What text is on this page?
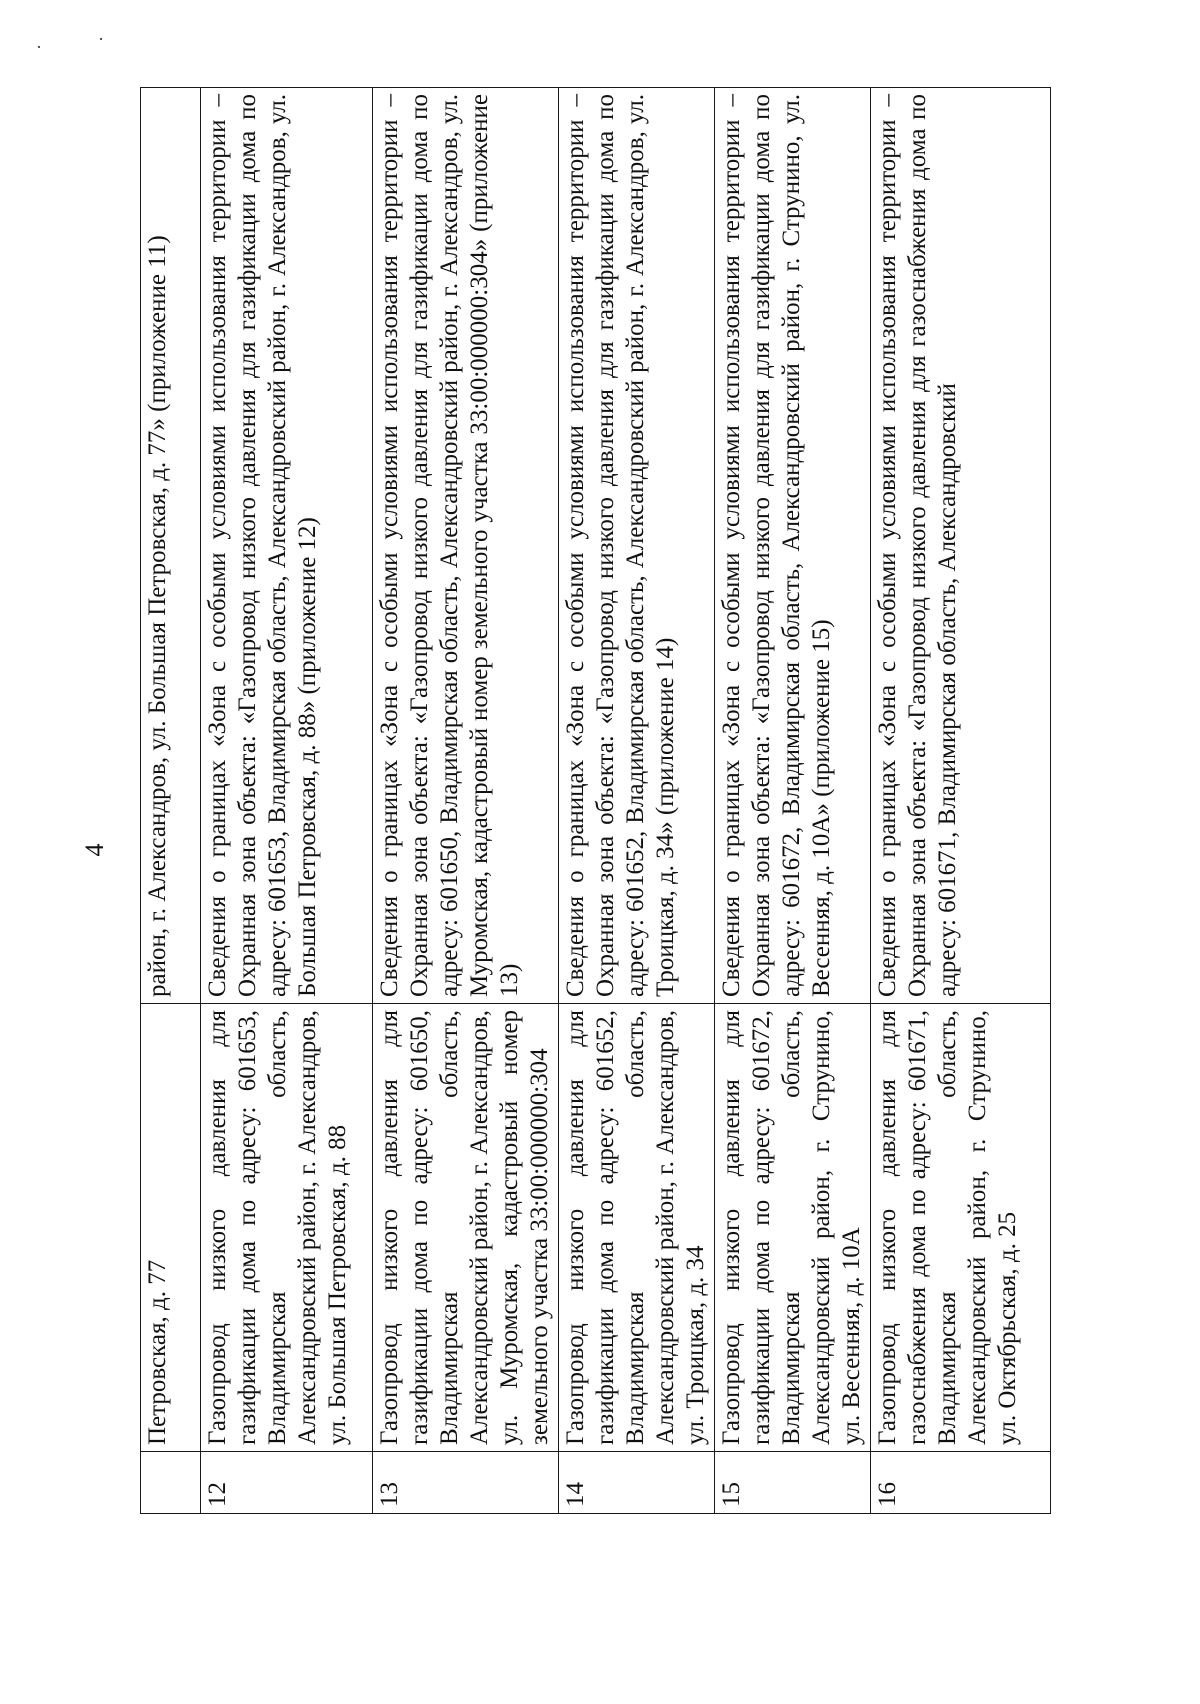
4
	Петровская, д. 77	район, г. Александров, ул. Большая Петровская, д. 77» (приложение 11)
12	Газопровод низкого давления для газификации дома по адресу: 601653, Владимирская область, Александровский район, г. Александров, ул. Большая Петровская, д. 88	Сведения о границах «Зона с особыми условиями использования территории – Охранная зона объекта: «Газопровод низкого давления для газификации дома по адресу: 601653, Владимирская область, Александровский район, г. Александров, ул. Большая Петровская, д. 88» (приложение 12)
13	Газопровод низкого давления для газификации дома по адресу: 601650, Владимирская область, Александровский район, г. Александров, ул. Муромская, кадастровый номер земельного участка 33:00:000000:304	Сведения о границах «Зона с особыми условиями использования территории – Охранная зона объекта: «Газопровод низкого давления для газификации дома по адресу: 601650, Владимирская область, Александровский район, г. Александров, ул. Муромская, кадастровый номер земельного участка 33:00:000000:304» (приложение 13)
14	Газопровод низкого давления для газификации дома по адресу: 601652, Владимирская область, Александровский район, г. Александров, ул. Троицкая, д. 34	Сведения о границах «Зона с особыми условиями использования территории – Охранная зона объекта: «Газопровод низкого давления для газификации дома по адресу: 601652, Владимирская область, Александровский район, г. Александров, ул. Троицкая, д. 34» (приложение 14)
15	Газопровод низкого давления для газификации дома по адресу: 601672, Владимирская область, Александровский район, г. Струнино, ул. Весенняя, д. 10А	Сведения о границах «Зона с особыми условиями использования территории – Охранная зона объекта: «Газопровод низкого давления для газификации дома по адресу: 601672, Владимирская область, Александровский район, г. Струнино, ул. Весенняя, д. 10А» (приложение 15)
16	Газопровод низкого давления для газоснабжения дома по адресу: 601671, Владимирская область, Александровский район, г. Струнино, ул. Октябрьская, д. 25	Сведения о границах «Зона с особыми условиями использования территории – Охранная зона объекта: «Газопровод низкого давления для газоснабжения дома по адресу: 601671, Владимирская область, Александровский
